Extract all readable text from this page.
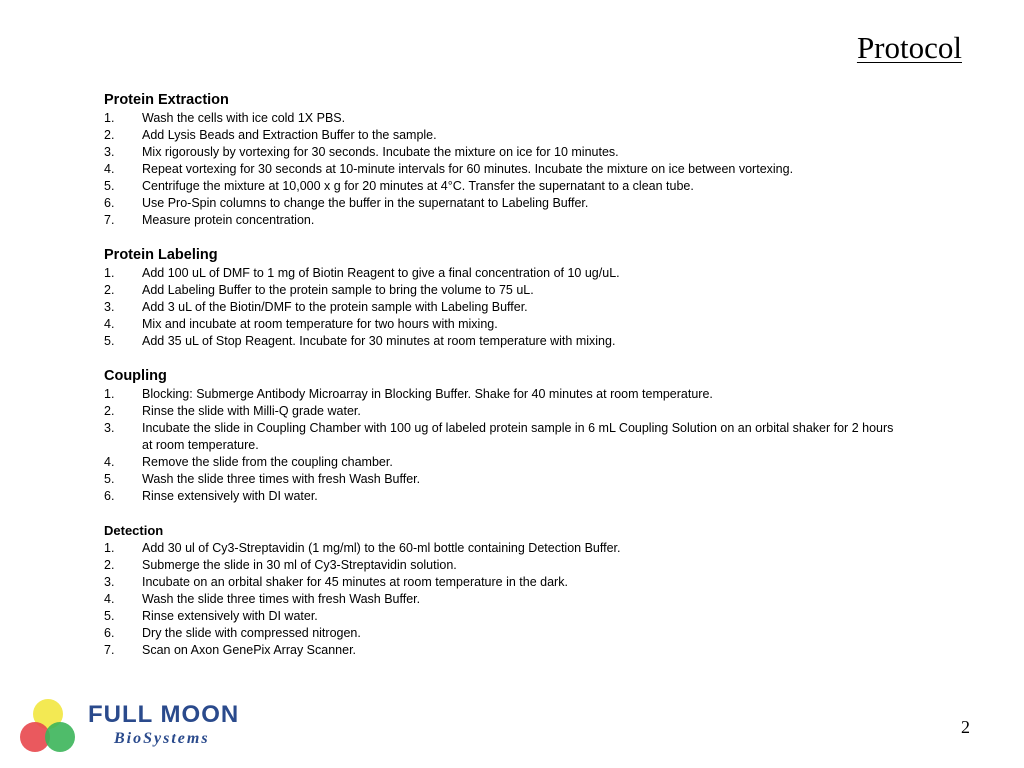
Protocol

Protein Extraction

1.	Wash the cells with ice cold 1X PBS.
2.	Add Lysis Beads and Extraction Buffer to the sample.
3.	Mix rigorously by vortexing for 30 seconds. Incubate the mixture on ice for 10 minutes.
4.	Repeat vortexing for 30 seconds at 10-minute intervals for 60 minutes. Incubate the mixture on ice between vortexing.
5.	Centrifuge the mixture at 10,000 x g for 20 minutes at 4°C. Transfer the supernatant to a clean tube.
6.	Use Pro-Spin columns to change the buffer in the supernatant to Labeling Buffer.
7.	Measure protein concentration.

Protein Labeling

1.	Add 100 uL of DMF to 1 mg of Biotin Reagent to give a final concentration of 10 ug/uL.
2.	Add Labeling Buffer to the protein sample to bring the volume to 75 uL.
3.	Add 3 uL of the Biotin/DMF to the protein sample with Labeling Buffer.
4.	Mix and incubate at room temperature for two hours with mixing.
5.	Add 35 uL of Stop Reagent. Incubate for 30 minutes at room temperature with mixing.

Coupling

1.	Blocking: Submerge Antibody Microarray in Blocking Buffer. Shake for 40 minutes at room temperature.
2.	Rinse the slide with Milli-Q grade water.
3.	Incubate the slide in Coupling Chamber with 100 ug of labeled protein sample in 6 mL Coupling Solution on an orbital shaker for 2 hours at room temperature.
4.	Remove the slide from the coupling chamber.
5.	Wash the slide three times with fresh Wash Buffer.
6.	Rinse extensively with DI water.

Detection

1.	Add 30 ul of Cy3-Streptavidin (1 mg/ml) to the 60-ml bottle containing Detection Buffer.
2.	Submerge the slide in 30 ml of Cy3-Streptavidin solution.
3.	Incubate on an orbital shaker for 45 minutes at room temperature in the dark.
4.	Wash the slide three times with fresh Wash Buffer.
5.	Rinse extensively with DI water.
6.	Dry the slide with compressed nitrogen.
7.	Scan on Axon GenePix Array Scanner.
FULL MOON
BioSystems
2
